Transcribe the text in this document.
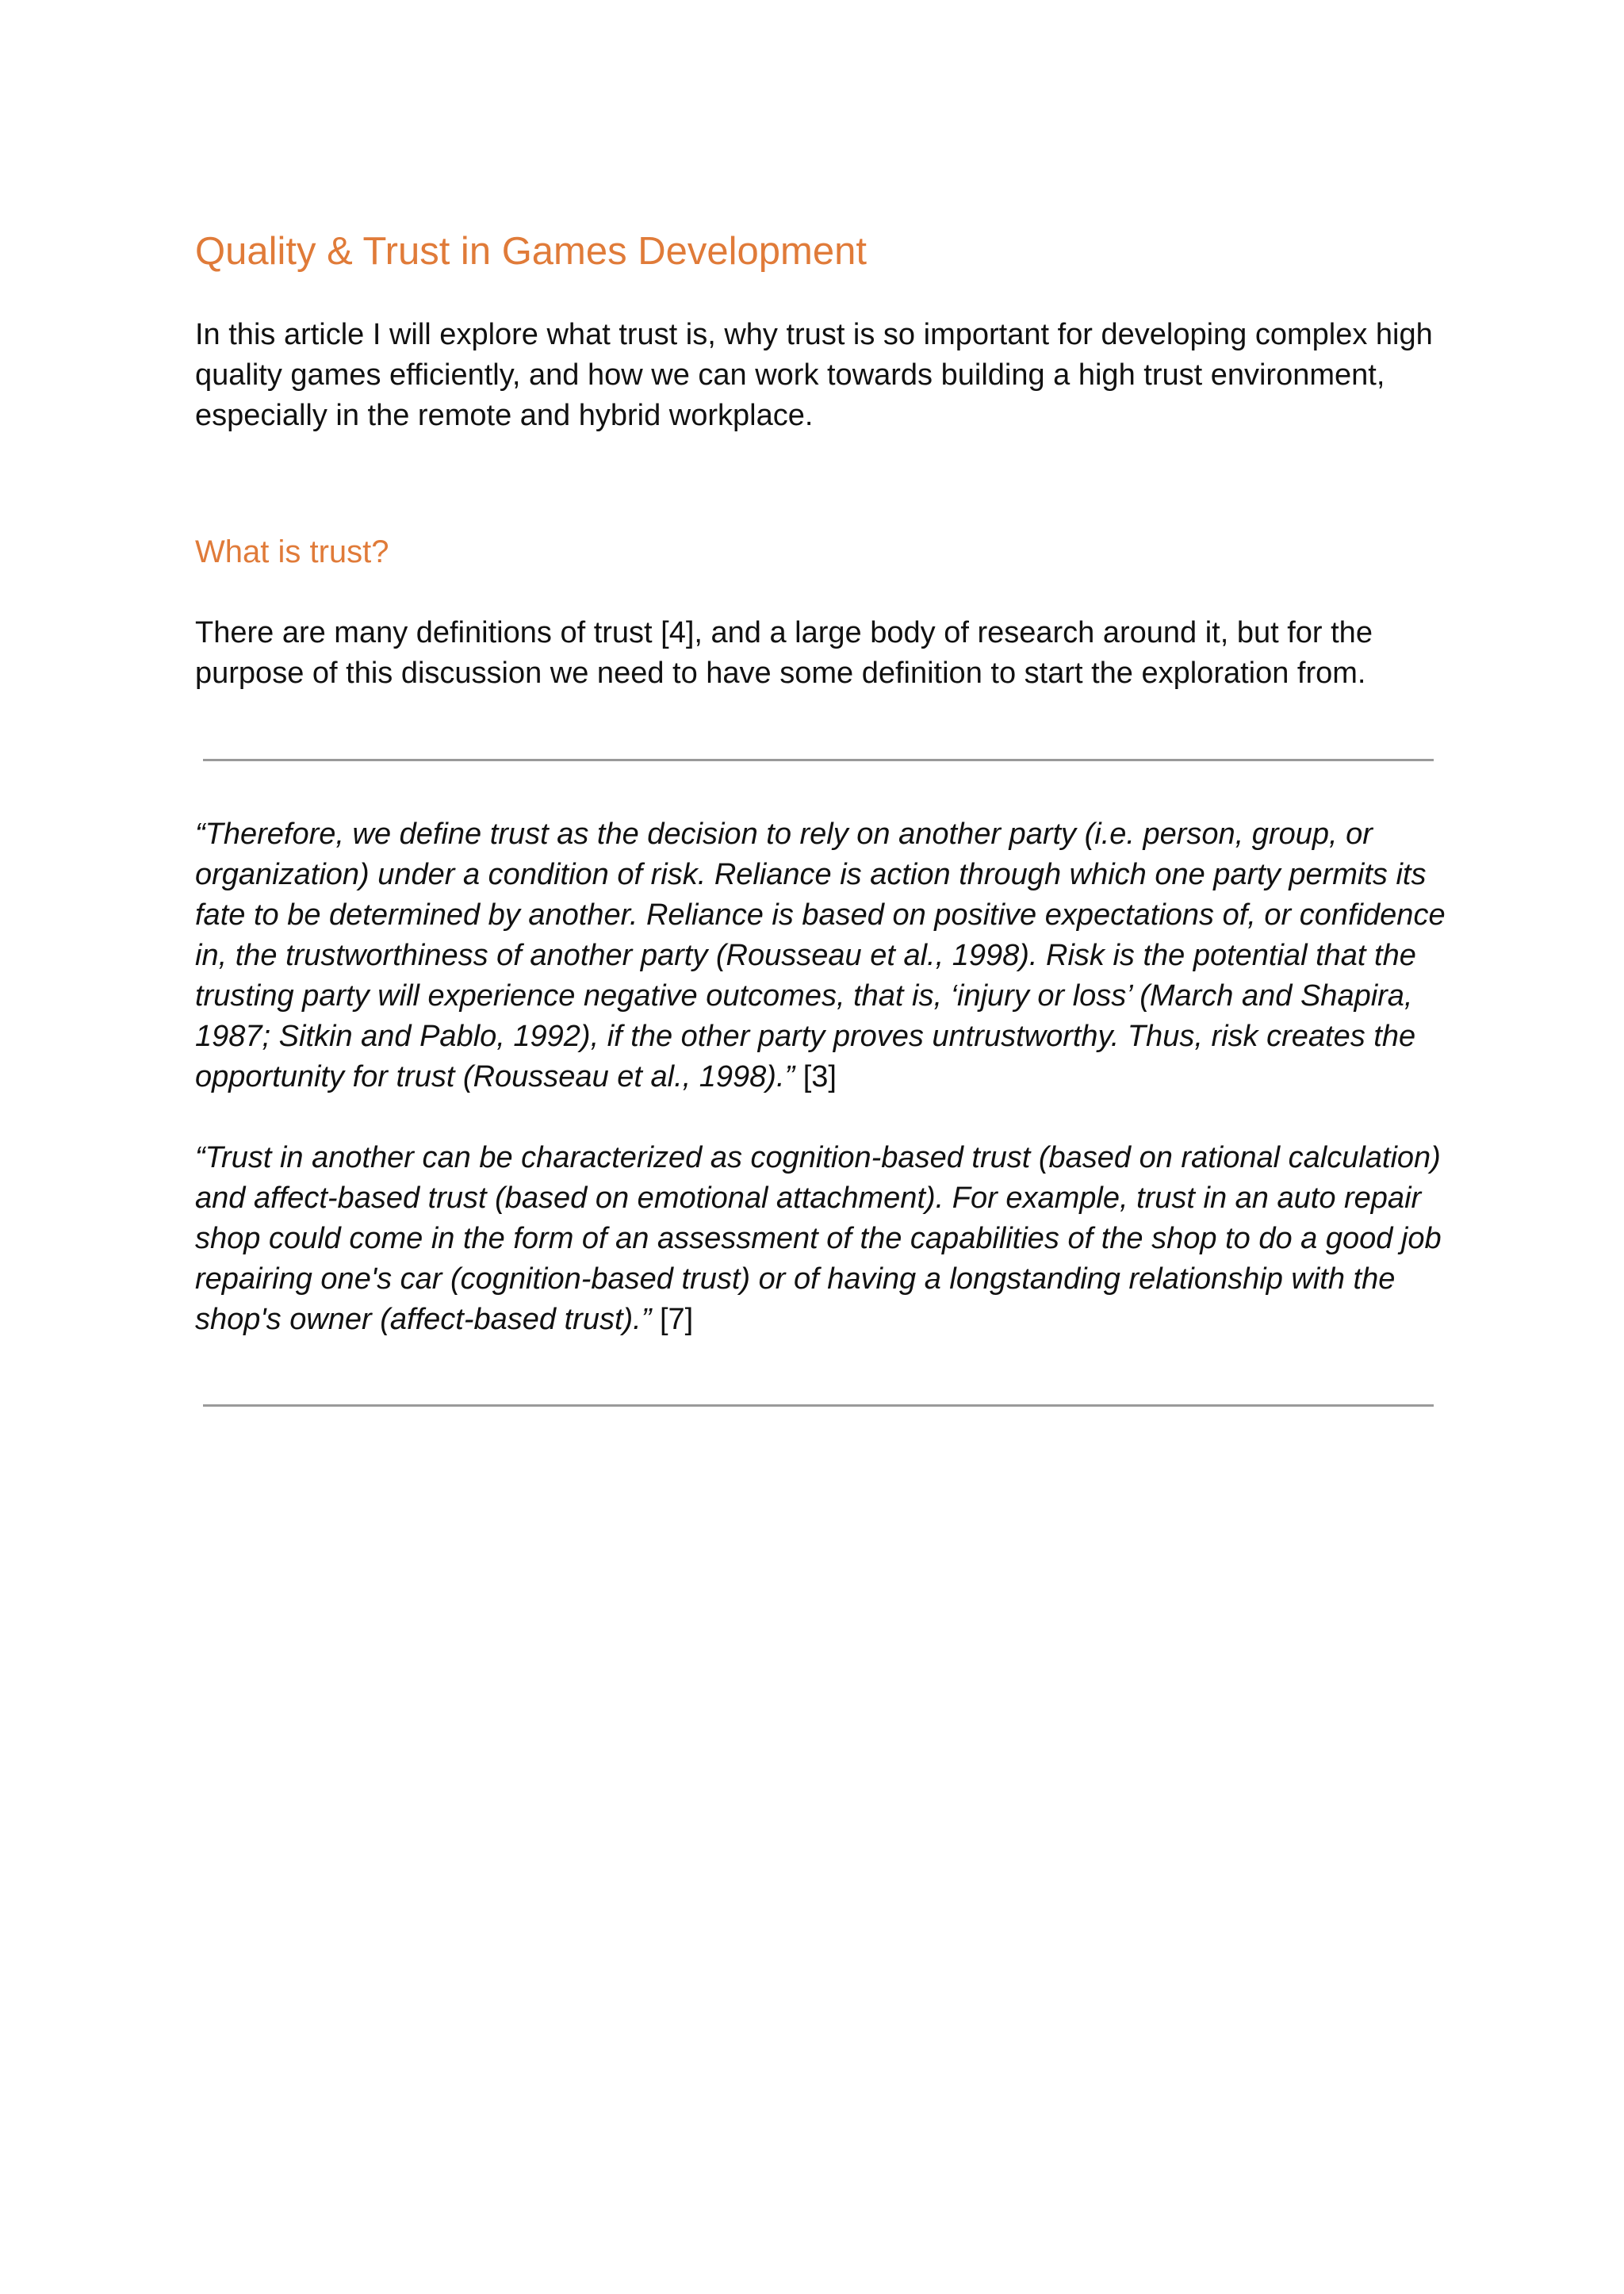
Quality & Trust in Games Development

In this article I will explore what trust is, why trust is so important for developing complex high quality games efficiently, and how we can work towards building a high trust environment, especially in the remote and hybrid workplace.

What is trust?

There are many definitions of trust [4], and a large body of research around it, but for the purpose of this discussion we need to have some definition to start the exploration from.

“Therefore, we deﬁne trust as the decision to rely on another party (i.e. person, group, or organization) under a condition of risk. Reliance is action through which one party permits its fate to be determined by another. Reliance is based on positive expectations of, or conﬁdence in, the trustworthiness of another party (Rousseau et al., 1998). Risk is the potential that the trusting party will experience negative outcomes, that is, ‘injury or loss’ (March and Shapira, 1987; Sitkin and Pablo, 1992), if the other party proves untrustworthy. Thus, risk creates the opportunity for trust (Rousseau et al., 1998).” [3]

“Trust in another can be characterized as cognition-based trust (based on rational calculation) and affect-based trust (based on emotional attachment). For example, trust in an auto repair shop could come in the form of an assessment of the capabilities of the shop to do a good job repairing one's car (cognition-based trust) or of having a longstanding relationship with the shop's owner (affect-based trust).” [7]
